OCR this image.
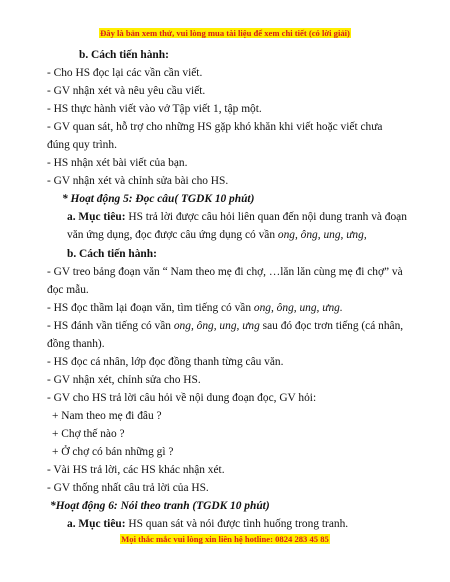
Đây là bản xem thử, vui lòng mua tài liệu để xem chi tiết (có lời giải)

b. Cách tiến hành:

- Cho HS đọc lại các vần cần viết.

- GV nhận xét và nêu yêu cầu viết.

- HS thực hành viết vào vở Tập viết 1, tập một.

- GV quan sát, hỗ trợ cho những HS gặp khó khăn khi viết hoặc viết chưa đúng quy trình.

- HS nhận xét bài viết của bạn.

- GV nhận xét và chỉnh sửa bài cho HS.

* Hoạt động 5: Đọc câu( TGDK 10 phút)

a. Mục tiêu: HS trả lời được câu hỏi liên quan đến nội dung tranh và đoạn văn ứng dụng, đọc được câu ứng dụng có vần ong, ông, ung, ưng,

b. Cách tiến hành:

- GV treo bảng đoạn văn “ Nam theo mẹ đi chợ, …lăn lăn cùng mẹ đi chợ” và đọc mẫu.

- HS đọc thầm lại đoạn văn, tìm tiếng có vần ong, ông, ung, ưng.

- HS đánh vần tiếng có vần ong, ông, ung, ưng sau đó đọc trơn tiếng (cá nhân, đồng thanh).

- HS đọc cá nhân, lớp đọc đồng thanh từng câu văn.

- GV nhận xét, chỉnh sửa cho HS.

- GV cho HS trả lời câu hỏi về nội dung đoạn đọc, GV hỏi:

+ Nam theo mẹ đi đâu ?

+ Chợ thế nào ?

+ Ở chợ có bán những gì ?

- Vài HS trả lời, các HS khác nhận xét.

- GV thống nhất câu trả lời của HS.

*Hoạt động 6: Nói theo tranh (TGDK 10 phút)

a. Mục tiêu: HS quan sát và nói được tình huống trong tranh.

Mọi thắc mắc vui lòng xin liên hệ hotline: 0824 283 45 85
